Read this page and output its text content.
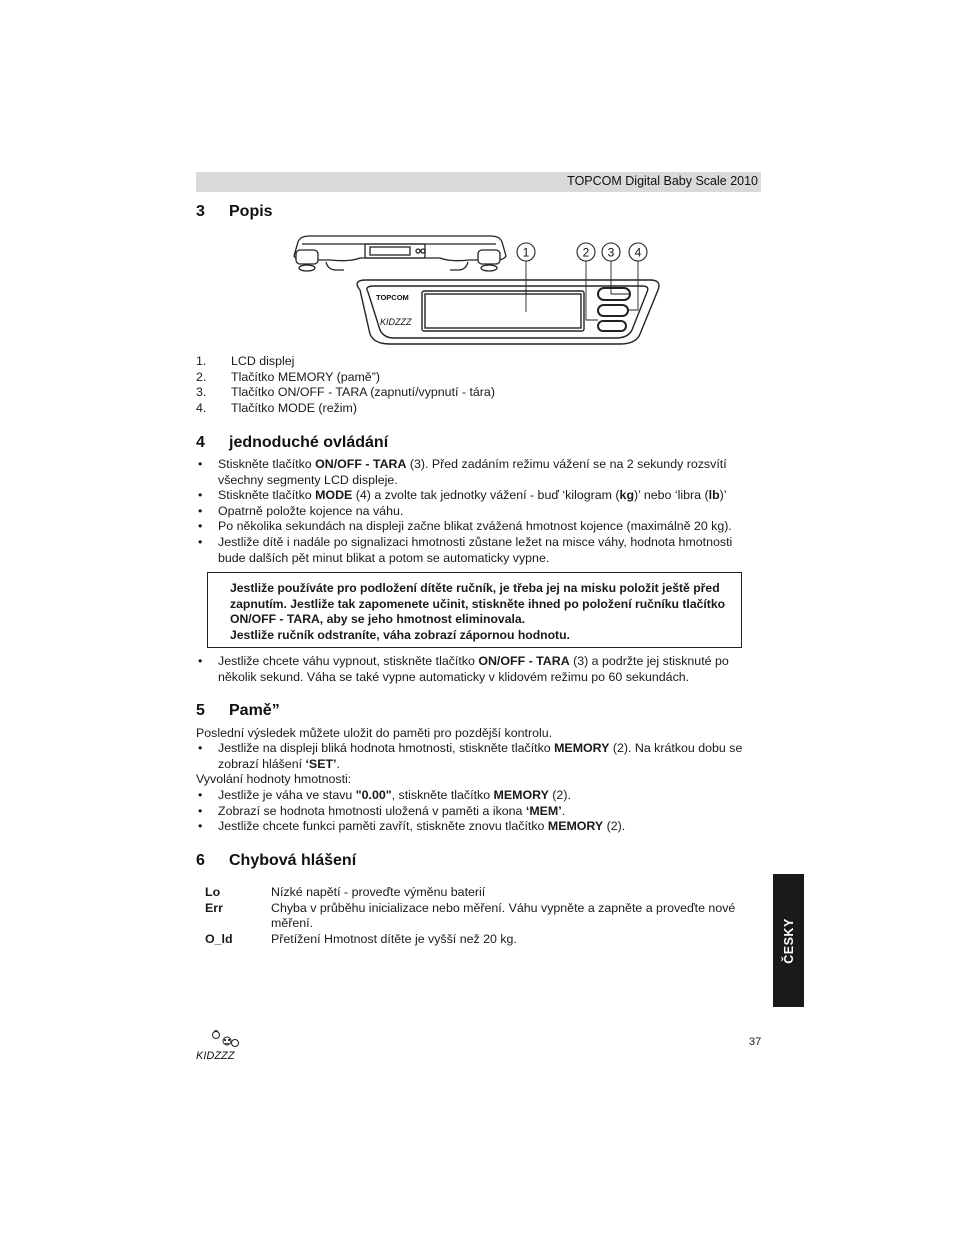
TOPCOM Digital Baby Scale 2010
3 Popis
TOPCOM
KIDZZZ
1	2 3 4
1. LCD displej
2. Tlačítko MEMORY (pamě”)
3. Tlačítko ON/OFF - TARA (zapnutí/vypnutí - tára)
4. Tlačítko MODE (režim)
4 jednoduché ovládání
• Stiskněte tlačítko ON/OFF - TARA (3). Před zadáním režimu vážení se na 2 sekundy rozsvítí všechny segmenty LCD displeje.
• Stiskněte tlačítko MODE (4) a zvolte tak jednotky vážení - buď ‘kilogram (kg)’ nebo ‘libra (lb)’
• Opatrně položte kojence na váhu.
• Po několika sekundách na displeji začne blikat zvážená hmotnost kojence (maximálně 20 kg).
• Jestliže dítě i nadále po signalizaci hmotnosti zůstane ležet na misce váhy, hodnota hmotnosti bude dalších pět minut blikat a potom se automaticky vypne.
Jestliže používáte pro podložení dítěte ručník, je třeba jej na misku položit ještě před zapnutím. Jestliže tak zapomenete učinit, stiskněte ihned po položení ručníku tlačítko ON/OFF - TARA, aby se jeho hmotnost eliminovala.
Jestliže ručník odstraníte, váha zobrazí zápornou hodnotu.
• Jestliže chcete váhu vypnout, stiskněte tlačítko ON/OFF - TARA (3) a podržte jej stisknuté po několik sekund. Váha se také vypne automaticky v klidovém režimu po 60 sekundách.
5 Pamě”
Poslední výsledek můžete uložit do paměti pro pozdější kontrolu.
• Jestliže na displeji bliká hodnota hmotnosti, stiskněte tlačítko MEMORY (2). Na krátkou dobu se zobrazí hlášení ‘SET’.
Vyvolání hodnoty hmotnosti:
• Jestliže je váha ve stavu "0.00", stiskněte tlačítko MEMORY (2).
• Zobrazí se hodnota hmotnosti uložená v paměti a ikona ‘MEM’.
• Jestliže chcete funkci paměti zavřít, stiskněte znovu tlačítko MEMORY (2).
6 Chybová hlášení
Lo	Nízké napětí - proveďte výměnu baterií
Err	Chyba v průběhu inicializace nebo měření. Váhu vypněte a zapněte a proveďte nové měření.
O_ld	Přetížení Hmotnost dítěte je vyšší než 20 kg.	ČESKY
KIDZZZ
37
